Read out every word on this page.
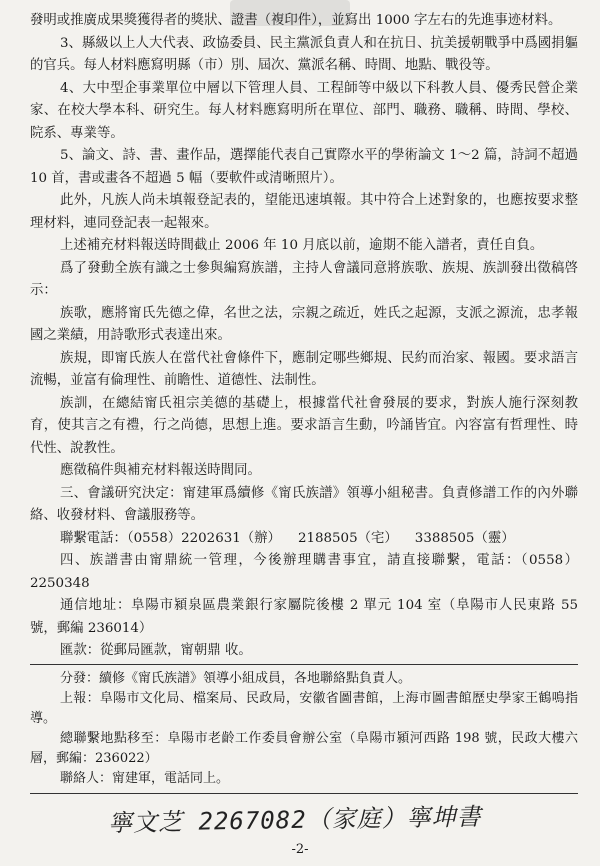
發明或推廣成果獎獲得者的獎狀、證書（複印件），並寫出 1000 字左右的先進事迹材料。

3、縣級以上人大代表、政協委員、民主黨派負責人和在抗日、抗美援朝戰爭中爲國捐軀的官兵。每人材料應寫明縣（市）別、屆次、黨派名稱、時間、地點、戰役等。

4、大中型企事業單位中層以下管理人員、工程師等中級以下科教人員、優秀民營企業家、在校大學本科、研究生。每人材料應寫明所在單位、部門、職務、職稱、時間、學校、院系、專業等。

5、論文、詩、書、畫作品，選擇能代表自己實際水平的學術論文 1～2 篇，詩詞不超過 10 首，書或畫各不超過 5 幅（要軟件或清晰照片）。

此外，凡族人尚未填報登記表的，望能迅速填報。其中符合上述對象的，也應按要求整理材料，連同登記表一起報來。

上述補充材料報送時間截止 2006 年 10 月底以前，逾期不能入譜者，責任自負。

爲了發動全族有識之士參與編寫族譜，主持人會議同意將族歌、族規、族訓發出徵稿啓示：

族歌，應將甯氏先德之偉，名世之法，宗親之疏近，姓氏之起源，支派之源流，忠孝報國之業績，用詩歌形式表達出來。

族規，即甯氏族人在當代社會條件下，應制定哪些鄉規、民約而治家、報國。要求語言流暢，並富有倫理性、前瞻性、道德性、法制性。

族訓，在總結甯氏祖宗美德的基礎上，根據當代社會發展的要求，對族人施行深刻教育，使其言之有禮，行之尚德，思想上進。要求語言生動，吟誦皆宜。內容富有哲理性、時代性、說教性。

應徵稿件與補充材料報送時間同。

三、會議研究決定：甯建軍爲續修《甯氏族譜》領導小組秘書。負責修譜工作的內外聯絡、收發材料、會議服務等。

聯繫電話：（0558）2202631（辦） 2188505（宅） 3388505（靈）

四、族譜書由甯鼎統一管理，今後辦理購書事宜，請直接聯繫，電話：（0558）2250348

通信地址：阜陽市潁泉區農業銀行家屬院後樓 2 單元 104 室（阜陽市人民東路 55 號，郵編 236014）

匯款：從郵局匯款，甯朝鼎 收。

分發：續修《甯氏族譜》領導小組成員，各地聯絡點負責人。

上報：阜陽市文化局、檔案局、民政局，安徽省圖書館，上海市圖書館歷史學家王鶴鳴指導。

總聯繫地點移至：阜陽市老齡工作委員會辦公室（阜陽市潁河西路 198 號，民政大樓六層，郵編：236022）

聯絡人：甯建軍，電話同上。

寧文芝 2267082（家庭）寧坤書
-2-
